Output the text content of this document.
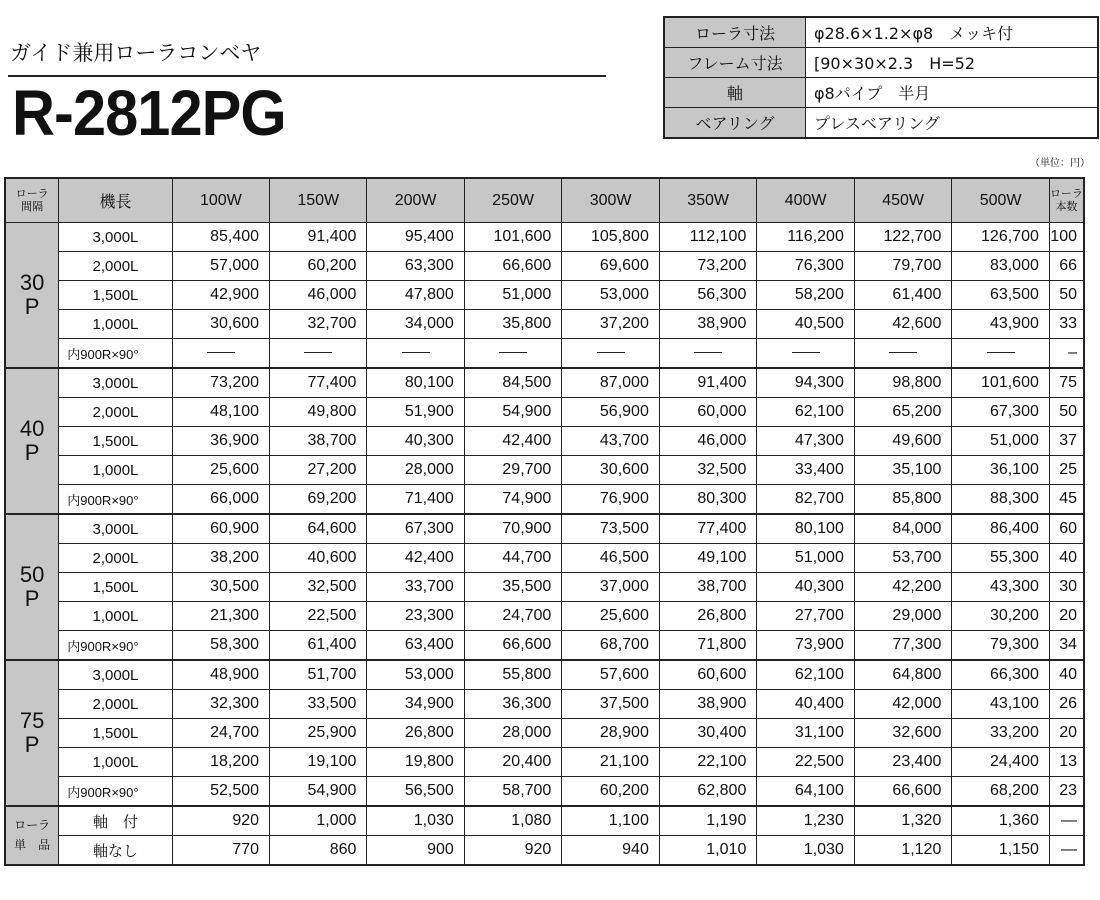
ガイド兼用ローラコンベヤ
R-2812PG
ローラ寸法	φ28.6×1.2×φ8　メッキ付
フレーム寸法	[90×30×2.3　H=52
軸	φ8パイプ　半月
ベアリング	プレスベアリング
（単位：円）
ローラ
間隔	機長	100W	150W	200W	250W	300W	350W	400W	450W	500W	ローラ
本数

30
P	3,000L	85,400	91,400	95,400	101,600	105,800	112,100	116,200	122,700	126,700	100
	2,000L	57,000	60,200	63,300	66,600	69,600	73,200	76,300	79,700	83,000	66
	1,500L	42,900	46,000	47,800	51,000	53,000	56,300	58,200	61,400	63,500	50
	1,000L	30,600	32,700	34,000	35,800	37,200	38,900	40,500	42,600	43,900	33
	内900R×90°										–

40
P	3,000L	73,200	77,400	80,100	84,500	87,000	91,400	94,300	98,800	101,600	75
	2,000L	48,100	49,800	51,900	54,900	56,900	60,000	62,100	65,200	67,300	50
	1,500L	36,900	38,700	40,300	42,400	43,700	46,000	47,300	49,600	51,000	37
	1,000L	25,600	27,200	28,000	29,700	30,600	32,500	33,400	35,100	36,100	25
	内900R×90°	66,000	69,200	71,400	74,900	76,900	80,300	82,700	85,800	88,300	45

50
P	3,000L	60,900	64,600	67,300	70,900	73,500	77,400	80,100	84,000	86,400	60
	2,000L	38,200	40,600	42,400	44,700	46,500	49,100	51,000	53,700	55,300	40
	1,500L	30,500	32,500	33,700	35,500	37,000	38,700	40,300	42,200	43,300	30
	1,000L	21,300	22,500	23,300	24,700	25,600	26,800	27,700	29,000	30,200	20
	内900R×90°	58,300	61,400	63,400	66,600	68,700	71,800	73,900	77,300	79,300	34

75
P	3,000L	48,900	51,700	53,000	55,800	57,600	60,600	62,100	64,800	66,300	40
	2,000L	32,300	33,500	34,900	36,300	37,500	38,900	40,400	42,000	43,100	26
	1,500L	24,700	25,900	26,800	28,000	28,900	30,400	31,100	32,600	33,200	20
	1,000L	18,200	19,100	19,800	20,400	21,100	22,100	22,500	23,400	24,400	13
	内900R×90°	52,500	54,900	56,500	58,700	60,200	62,800	64,100	66,600	68,200	23

ローラ
単　品	軸　付	920	1,000	1,030	1,080	1,100	1,190	1,230	1,320	1,360	—
	軸なし	770	860	900	920	940	1,010	1,030	1,120	1,150	—
